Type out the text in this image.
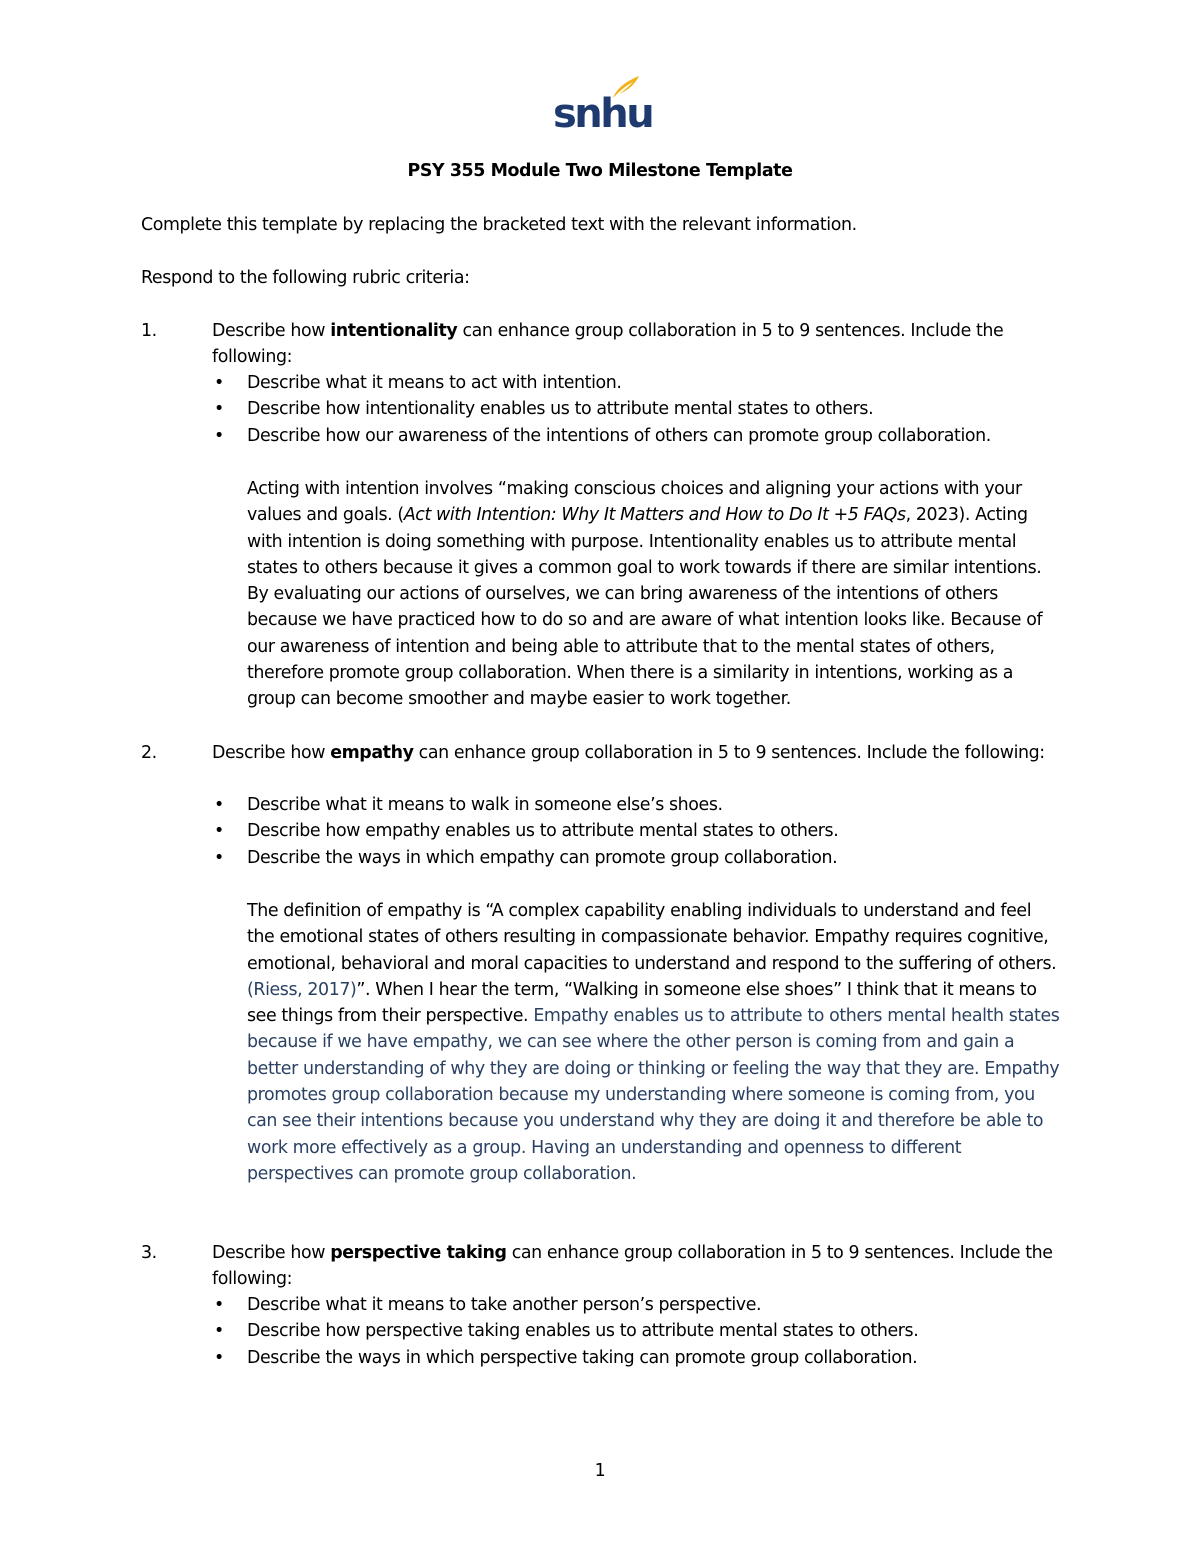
snhu
PSY 355 Module Two Milestone Template
Complete this template by replacing the bracketed text with the relevant information.
Respond to the following rubric criteria:
1.	Describe how intentionality can enhance group collaboration in 5 to 9 sentences. Include the following:
• Describe what it means to act with intention.
• Describe how intentionality enables us to attribute mental states to others.
• Describe how our awareness of the intentions of others can promote group collaboration.
Acting with intention involves “making conscious choices and aligning your actions with your values and goals. (Act with Intention: Why It Matters and How to Do It +5 FAQs, 2023). Acting with intention is doing something with purpose. Intentionality enables us to attribute mental states to others because it gives a common goal to work towards if there are similar intentions. By evaluating our actions of ourselves, we can bring awareness of the intentions of others because we have practiced how to do so and are aware of what intention looks like. Because of our awareness of intention and being able to attribute that to the mental states of others, therefore promote group collaboration. When there is a similarity in intentions, working as a group can become smoother and maybe easier to work together.
2.	Describe how empathy can enhance group collaboration in 5 to 9 sentences. Include the following:
• Describe what it means to walk in someone else’s shoes.
• Describe how empathy enables us to attribute mental states to others.
• Describe the ways in which empathy can promote group collaboration.
The definition of empathy is “A complex capability enabling individuals to understand and feel the emotional states of others resulting in compassionate behavior. Empathy requires cognitive, emotional, behavioral and moral capacities to understand and respond to the suffering of others. (Riess, 2017)”. When I hear the term, “Walking in someone else shoes” I think that it means to see things from their perspective. Empathy enables us to attribute to others mental health states because if we have empathy, we can see where the other person is coming from and gain a better understanding of why they are doing or thinking or feeling the way that they are. Empathy promotes group collaboration because my understanding where someone is coming from, you can see their intentions because you understand why they are doing it and therefore be able to work more effectively as a group. Having an understanding and openness to different perspectives can promote group collaboration.
3.	Describe how perspective taking can enhance group collaboration in 5 to 9 sentences. Include the following:
• Describe what it means to take another person’s perspective.
• Describe how perspective taking enables us to attribute mental states to others.
• Describe the ways in which perspective taking can promote group collaboration.
1
